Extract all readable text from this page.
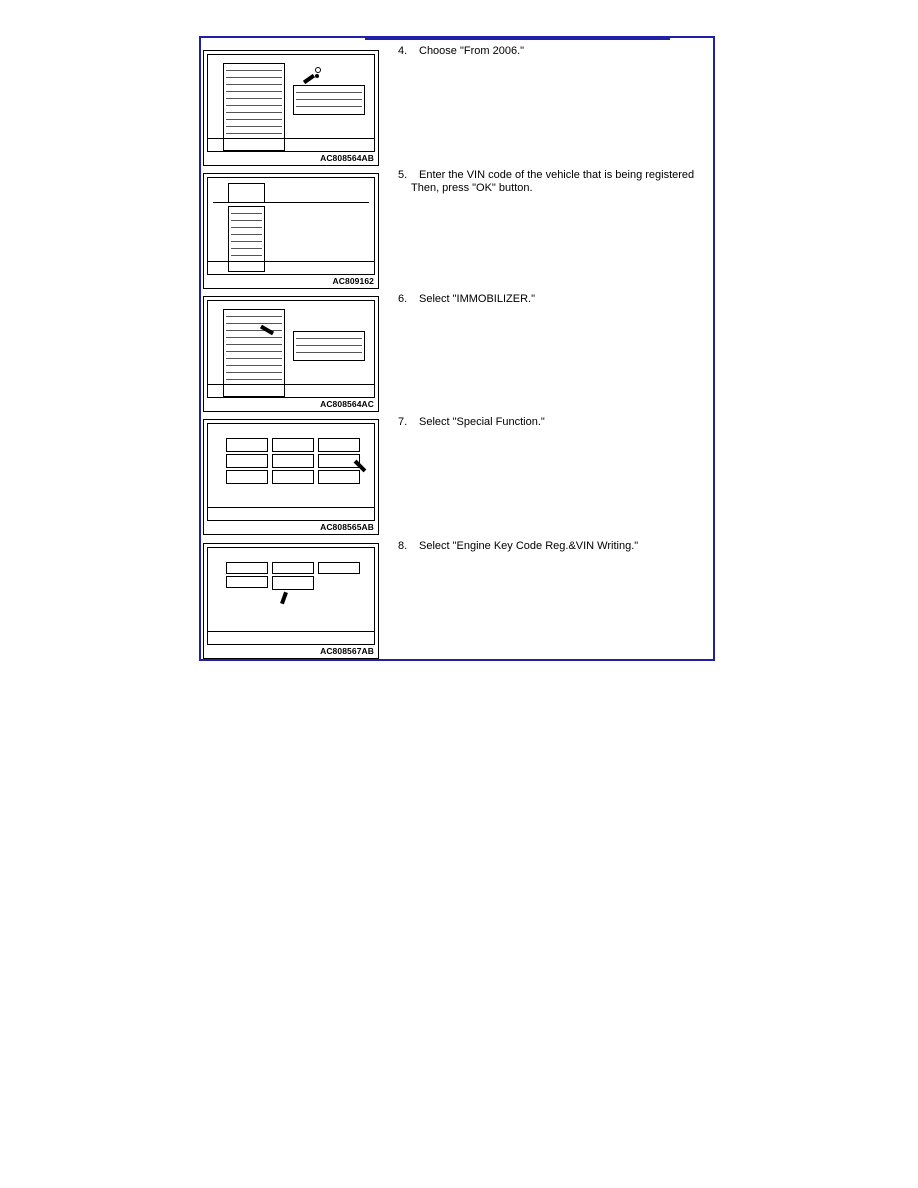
AC808564AB
AC809162
AC808564AC
AC808565AB
AC808567AB
4. Choose "From 2006."
5. Enter the VIN code of the vehicle that is being registered
Then, press "OK" button.
6. Select "IMMOBILIZER."
7. Select "Special Function."
8. Select "Engine Key Code Reg.&VIN Writing."
